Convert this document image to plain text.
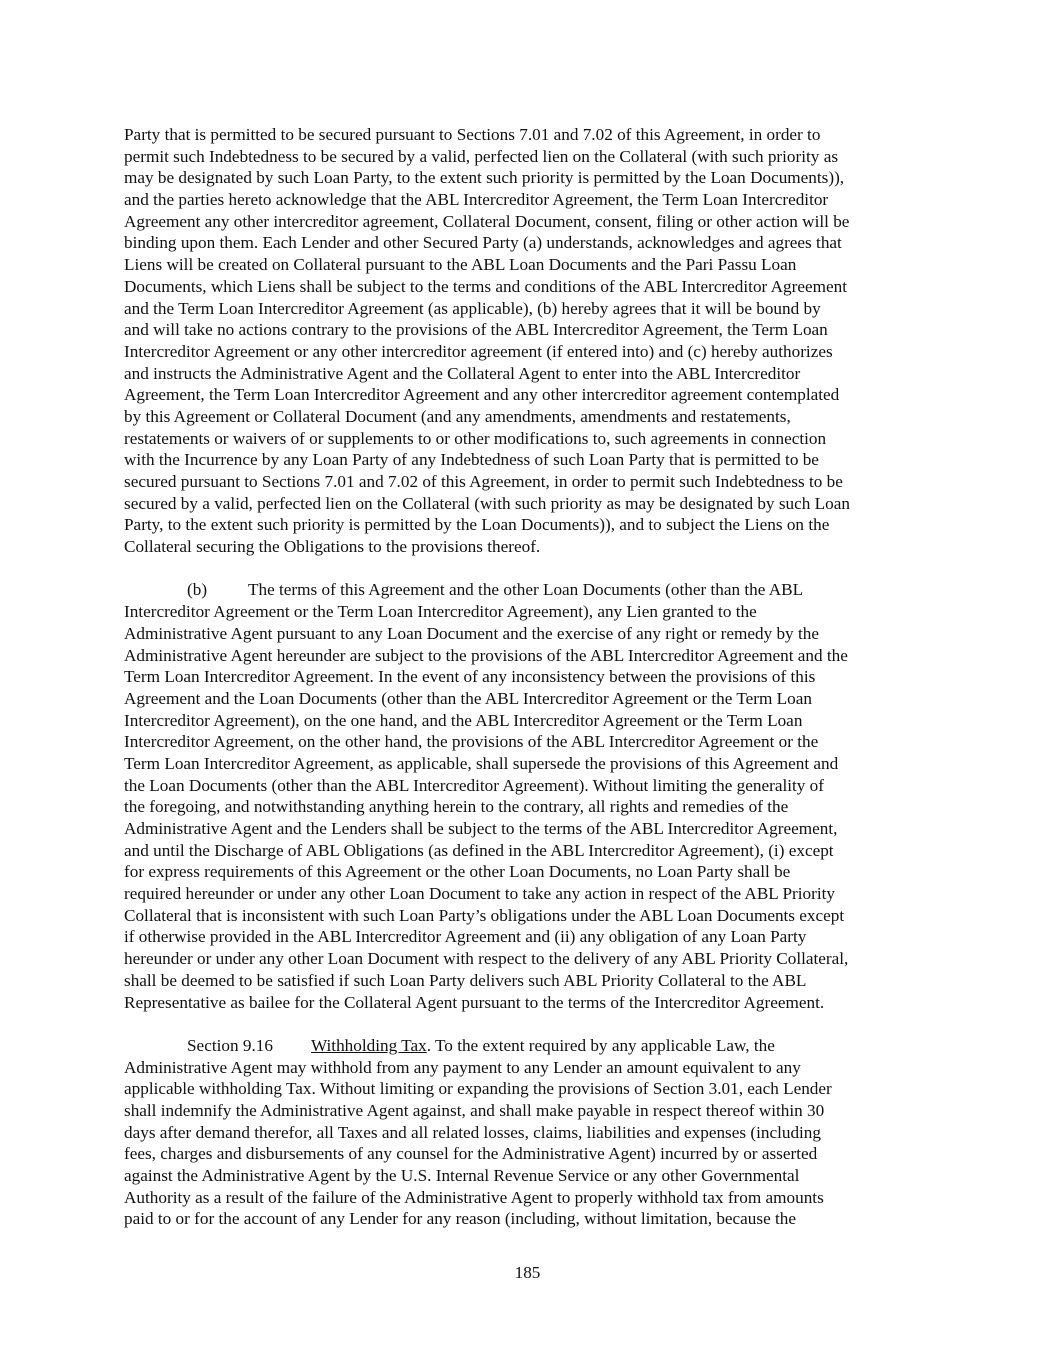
Party that is permitted to be secured pursuant to Sections 7.01 and 7.02 of this Agreement, in order to
permit such Indebtedness to be secured by a valid, perfected lien on the Collateral (with such priority as
may be designated by such Loan Party, to the extent such priority is permitted by the Loan Documents)),
and the parties hereto acknowledge that the ABL Intercreditor Agreement, the Term Loan Intercreditor
Agreement any other intercreditor agreement, Collateral Document, consent, filing or other action will be
binding upon them. Each Lender and other Secured Party (a) understands, acknowledges and agrees that
Liens will be created on Collateral pursuant to the ABL Loan Documents and the Pari Passu Loan
Documents, which Liens shall be subject to the terms and conditions of the ABL Intercreditor Agreement
and the Term Loan Intercreditor Agreement (as applicable), (b) hereby agrees that it will be bound by
and will take no actions contrary to the provisions of the ABL Intercreditor Agreement, the Term Loan
Intercreditor Agreement or any other intercreditor agreement (if entered into) and (c) hereby authorizes
and instructs the Administrative Agent and the Collateral Agent to enter into the ABL Intercreditor
Agreement, the Term Loan Intercreditor Agreement and any other intercreditor agreement contemplated
by this Agreement or Collateral Document (and any amendments, amendments and restatements,
restatements or waivers of or supplements to or other modifications to, such agreements in connection
with the Incurrence by any Loan Party of any Indebtedness of such Loan Party that is permitted to be
secured pursuant to Sections 7.01 and 7.02 of this Agreement, in order to permit such Indebtedness to be
secured by a valid, perfected lien on the Collateral (with such priority as may be designated by such Loan
Party, to the extent such priority is permitted by the Loan Documents)), and to subject the Liens on the
Collateral securing the Obligations to the provisions thereof.
(b) The terms of this Agreement and the other Loan Documents (other than the ABL
Intercreditor Agreement or the Term Loan Intercreditor Agreement), any Lien granted to the
Administrative Agent pursuant to any Loan Document and the exercise of any right or remedy by the
Administrative Agent hereunder are subject to the provisions of the ABL Intercreditor Agreement and the
Term Loan Intercreditor Agreement. In the event of any inconsistency between the provisions of this
Agreement and the Loan Documents (other than the ABL Intercreditor Agreement or the Term Loan
Intercreditor Agreement), on the one hand, and the ABL Intercreditor Agreement or the Term Loan
Intercreditor Agreement, on the other hand, the provisions of the ABL Intercreditor Agreement or the
Term Loan Intercreditor Agreement, as applicable, shall supersede the provisions of this Agreement and
the Loan Documents (other than the ABL Intercreditor Agreement). Without limiting the generality of
the foregoing, and notwithstanding anything herein to the contrary, all rights and remedies of the
Administrative Agent and the Lenders shall be subject to the terms of the ABL Intercreditor Agreement,
and until the Discharge of ABL Obligations (as defined in the ABL Intercreditor Agreement), (i) except
for express requirements of this Agreement or the other Loan Documents, no Loan Party shall be
required hereunder or under any other Loan Document to take any action in respect of the ABL Priority
Collateral that is inconsistent with such Loan Party’s obligations under the ABL Loan Documents except
if otherwise provided in the ABL Intercreditor Agreement and (ii) any obligation of any Loan Party
hereunder or under any other Loan Document with respect to the delivery of any ABL Priority Collateral,
shall be deemed to be satisfied if such Loan Party delivers such ABL Priority Collateral to the ABL
Representative as bailee for the Collateral Agent pursuant to the terms of the Intercreditor Agreement.
Section 9.16 Withholding Tax. To the extent required by any applicable Law, the
Administrative Agent may withhold from any payment to any Lender an amount equivalent to any
applicable withholding Tax. Without limiting or expanding the provisions of Section 3.01, each Lender
shall indemnify the Administrative Agent against, and shall make payable in respect thereof within 30
days after demand therefor, all Taxes and all related losses, claims, liabilities and expenses (including
fees, charges and disbursements of any counsel for the Administrative Agent) incurred by or asserted
against the Administrative Agent by the U.S. Internal Revenue Service or any other Governmental
Authority as a result of the failure of the Administrative Agent to properly withhold tax from amounts
paid to or for the account of any Lender for any reason (including, without limitation, because the
185
